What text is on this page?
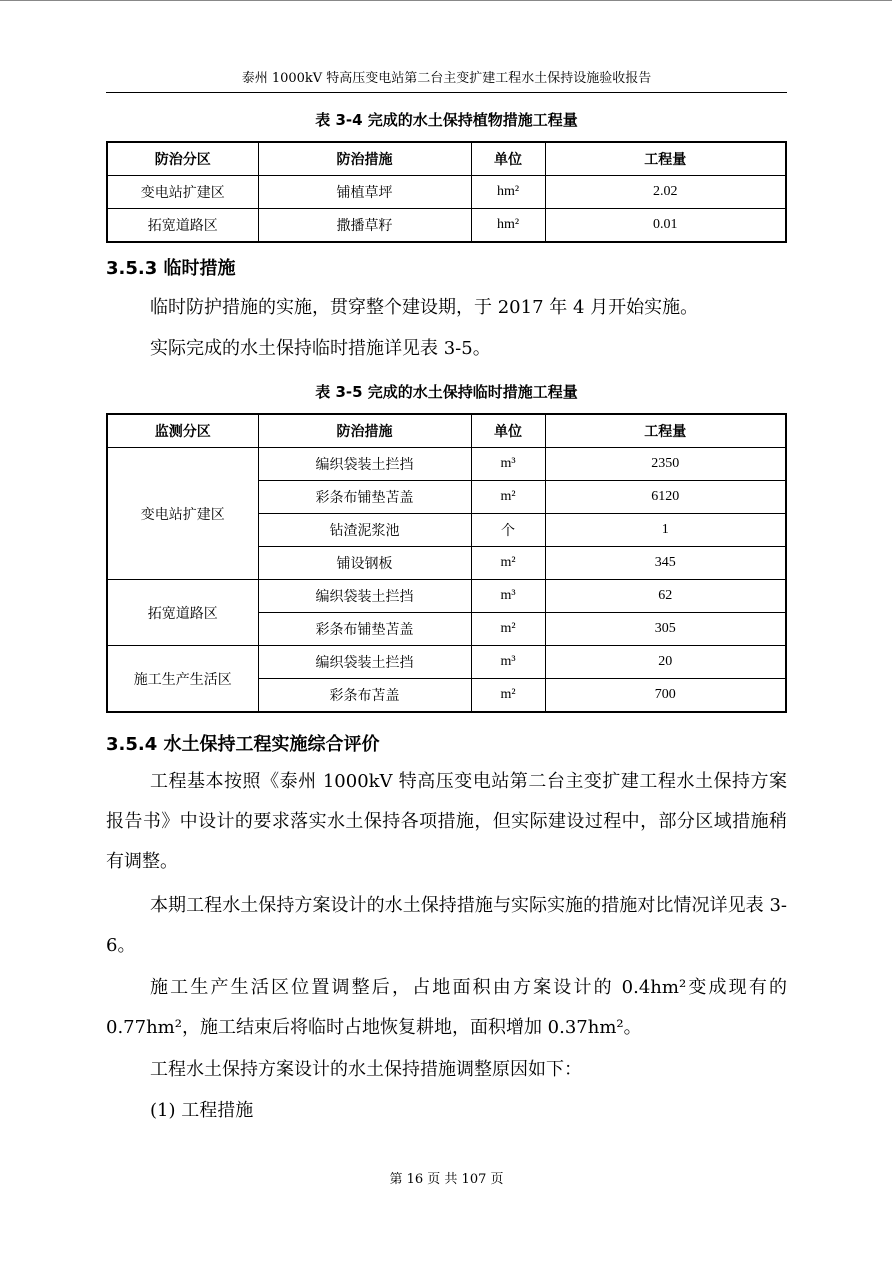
泰州 1000kV 特高压变电站第二台主变扩建工程水土保持设施验收报告
表 3-4 完成的水土保持植物措施工程量
防治分区	防治措施	单位	工程量
变电站扩建区	铺植草坪	hm²	2.02
拓宽道路区	撒播草籽	hm²	0.01
3.5.3 临时措施
临时防护措施的实施，贯穿整个建设期，于 2017 年 4 月开始实施。
实际完成的水土保持临时措施详见表 3-5。
表 3-5 完成的水土保持临时措施工程量
监测分区	防治措施	单位	工程量
变电站扩建区	编织袋装土拦挡	m³	2350
	彩条布铺垫苫盖	m²	6120
	钻渣泥浆池	个	1
	铺设钢板	m²	345
拓宽道路区	编织袋装土拦挡	m³	62
	彩条布铺垫苫盖	m²	305
施工生产生活区	编织袋装土拦挡	m³	20
	彩条布苫盖	m²	700
3.5.4 水土保持工程实施综合评价
工程基本按照《泰州 1000kV 特高压变电站第二台主变扩建工程水土保持方案报告书》中设计的要求落实水土保持各项措施，但实际建设过程中，部分区域措施稍有调整。
本期工程水土保持方案设计的水土保持措施与实际实施的措施对比情况详见表 3-6。
施工生产生活区位置调整后，占地面积由方案设计的 0.4hm²变成现有的 0.77hm²，施工结束后将临时占地恢复耕地，面积增加 0.37hm²。
工程水土保持方案设计的水土保持措施调整原因如下：
(1) 工程措施
第 16 页 共 107 页
